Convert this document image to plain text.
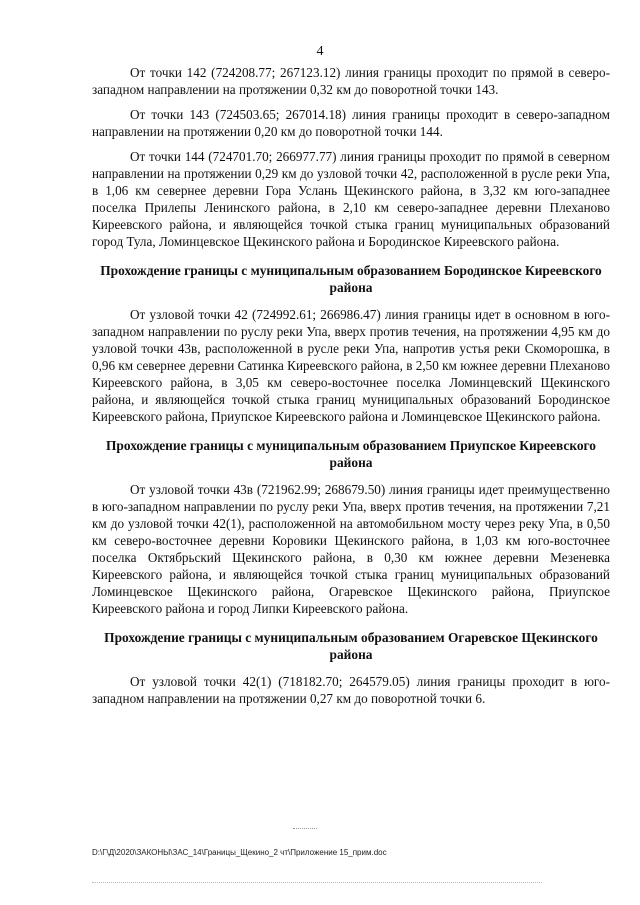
4

От точки 142 (724208.77; 267123.12) линия границы проходит по прямой в северо-западном направлении на протяжении 0,32 км до поворотной точки 143.

От точки 143 (724503.65; 267014.18) линия границы проходит в северо-западном направлении на протяжении 0,20 км до поворотной точки 144.

От точки 144 (724701.70; 266977.77) линия границы проходит по прямой в северном направлении на протяжении 0,29 км до узловой точки 42, расположенной в русле реки Упа, в 1,06 км севернее деревни Гора Услань Щекинского района, в 3,32 км юго-западнее поселка Прилепы Ленинского района, в 2,10 км северо-западнее деревни Плеханово Киреевского района, и являющейся точкой стыка границ муниципальных образований город Тула, Ломинцевское Щекинского района и Бородинское Киреевского района.

Прохождение границы с муниципальным образованием Бородинское Киреевского района

От узловой точки 42 (724992.61; 266986.47) линия границы идет в основном в юго-западном направлении по руслу реки Упа, вверх против течения, на протяжении 4,95 км до узловой точки 43в, расположенной в русле реки Упа, напротив устья реки Скоморошка, в 0,96 км севернее деревни Сатинка Киреевского района, в 2,50 км южнее деревни Плеханово Киреевского района, в 3,05 км северо-восточнее поселка Ломинцевский Щекинского района, и являющейся точкой стыка границ муниципальных образований Бородинское Киреевского района, Приупское Киреевского района и Ломинцевское Щекинского района.

Прохождение границы с муниципальным образованием Приупское Киреевского района

От узловой точки 43в (721962.99; 268679.50) линия границы идет преимущественно в юго-западном направлении по руслу реки Упа, вверх против течения, на протяжении 7,21 км до узловой точки 42(1), расположенной на автомобильном мосту через реку Упа, в 0,50 км северо-восточнее деревни Коровики Щекинского района, в 1,03 км юго-восточнее поселка Октябрьский Щекинского района, в 0,30 км южнее деревни Мезеневка Киреевского района, и являющейся точкой стыка границ муниципальных образований Ломинцевское Щекинского района, Огаревское Щекинского района, Приупское Киреевского района и город Липки Киреевского района.

Прохождение границы с муниципальным образованием Огаревское Щекинского района

От узловой точки 42(1) (718182.70; 264579.05) линия границы проходит в юго-западном направлении на протяжении 0,27 км до поворотной точки 6.

D:\Г\Д\2020\ЗАКОНЫ\ЗАС_14\Границы_Щекино_2 чт\Приложение 15_прим.doc
